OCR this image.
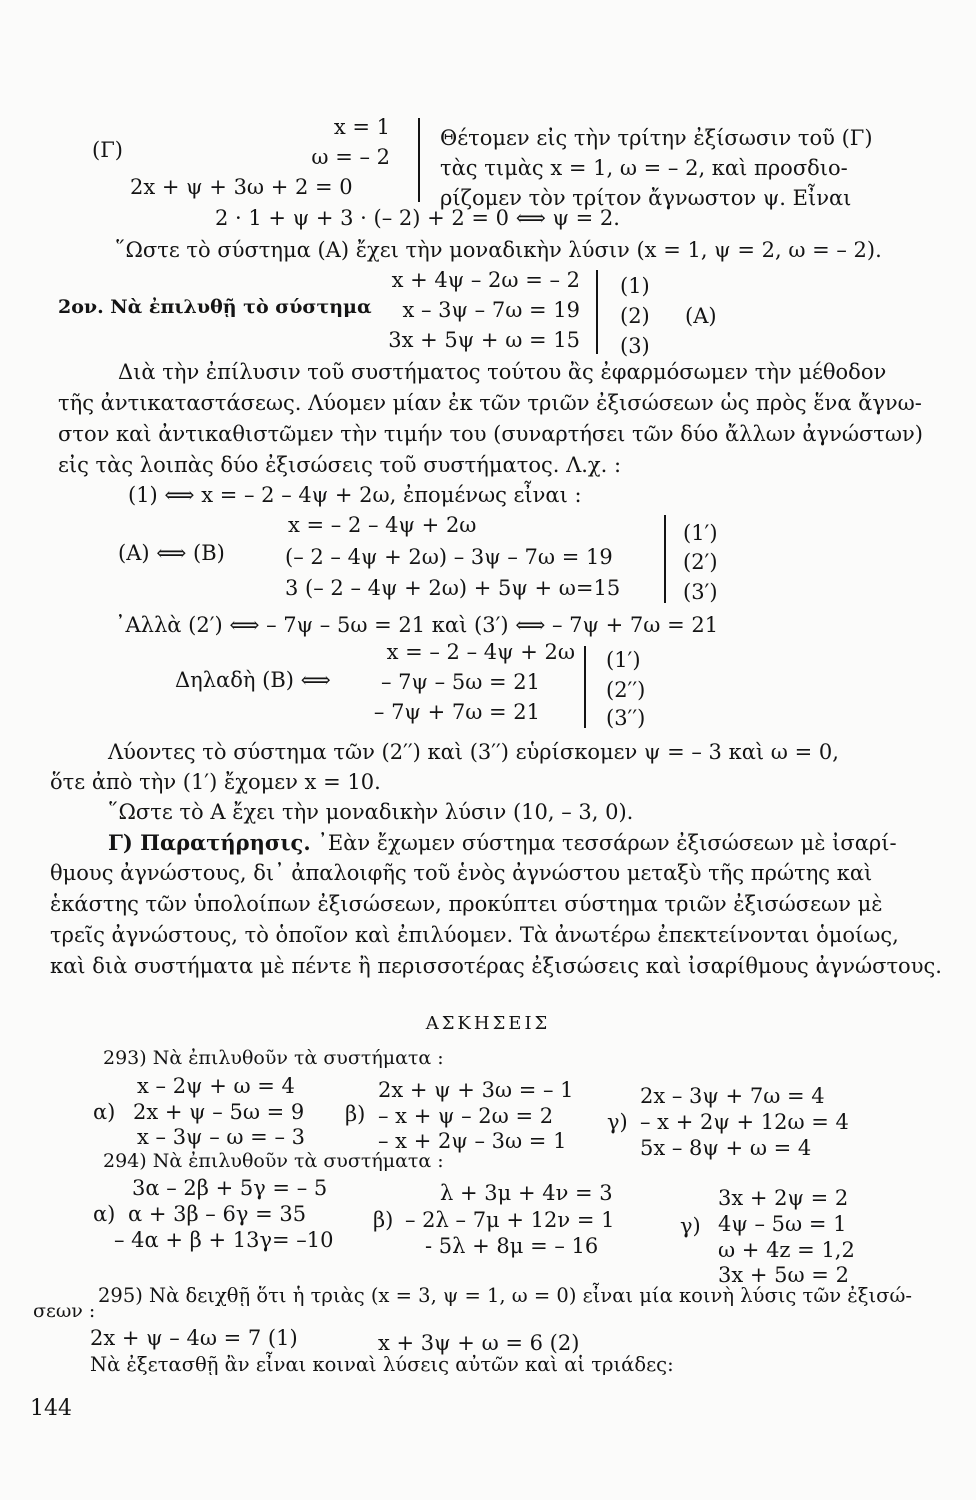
(Γ)
x = 1
ω = – 2
2x + ψ + 3ω + 2 = 0
Θέτομεν εἰς τὴν τρίτην ἐξίσωσιν τοῦ (Γ)
τὰς τιμὰς x = 1, ω = – 2, καὶ προσδιο-
ρίζομεν τὸν τρίτον ἄγνωστον ψ. Εἶναι
2 · 1 + ψ + 3 · (– 2) + 2 = 0 ⟺ ψ = 2.
῞Ωστε τὸ σύστημα (Α) ἔχει τὴν μοναδικὴν λύσιν (x = 1, ψ = 2, ω = – 2).
2ον. Νὰ ἐπιλυθῇ τὸ σύστημα
x + 4ψ – 2ω = – 2
x – 3ψ – 7ω = 19
3x + 5ψ + ω = 15
(1)
(2)
(3)
(Α)
Διὰ τὴν ἐπίλυσιν τοῦ συστήματος τούτου ἂς ἐφαρμόσωμεν τὴν μέθοδον
τῆς ἀντικαταστάσεως. Λύομεν μίαν ἐκ τῶν τριῶν ἐξισώσεων ὡς πρὸς ἕνα ἄγνω-
στον καὶ ἀντικαθιστῶμεν τὴν τιμήν του (συναρτήσει τῶν δύο ἄλλων ἀγνώστων)
εἰς τὰς λοιπὰς δύο ἐξισώσεις τοῦ συστήματος. Λ.χ. :
(1) ⟺ x = – 2 – 4ψ + 2ω, ἐπομένως εἶναι :
(Α) ⟺ (Β)
x = – 2 – 4ψ + 2ω
(– 2 – 4ψ + 2ω) – 3ψ – 7ω = 19
3 (– 2 – 4ψ + 2ω) + 5ψ + ω=15
(1′)
(2′)
(3′)
᾿Αλλὰ (2′) ⟺ – 7ψ – 5ω = 21 καὶ (3′) ⟺ – 7ψ + 7ω = 21
Δηλαδὴ (Β) ⟺
x = – 2 – 4ψ + 2ω
– 7ψ – 5ω = 21
– 7ψ + 7ω = 21
(1′)
(2′′)
(3′′)
Λύοντες τὸ σύστημα τῶν (2′′) καὶ (3′′) εὑρίσκομεν ψ = – 3 καὶ ω = 0,
ὅτε ἀπὸ τὴν (1′) ἔχομεν x = 10.
῞Ωστε τὸ Α ἔχει τὴν μοναδικὴν λύσιν (10, – 3, 0).
Γ) Παρατήρησις. ᾿Εὰν ἔχωμεν σύστημα τεσσάρων ἐξισώσεων μὲ ἰσαρί-
θμους ἀγνώστους, δι᾿ ἀπαλοιφῆς τοῦ ἑνὸς ἀγνώστου μεταξὺ τῆς πρώτης καὶ
ἑκάστης τῶν ὑπολοίπων ἐξισώσεων, προκύπτει σύστημα τριῶν ἐξισώσεων μὲ
τρεῖς ἀγνώστους, τὸ ὁποῖον καὶ ἐπιλύομεν. Τὰ ἀνωτέρω ἐπεκτείνονται ὁμοίως,
καὶ διὰ συστήματα μὲ πέντε ἢ περισσοτέρας ἐξισώσεις καὶ ἰσαρίθμους ἀγνώστους.
ΑΣΚΗΣΕΙΣ
293) Νὰ ἐπιλυθοῦν τὰ συστήματα :
α)
x – 2ψ + ω = 4
2x + ψ – 5ω = 9
x – 3ψ – ω = – 3
β)
2x + ψ + 3ω = – 1
– x + ψ – 2ω = 2
– x + 2ψ – 3ω = 1
γ)
2x – 3ψ + 7ω = 4
– x + 2ψ + 12ω = 4
5x – 8ψ + ω = 4
294) Νὰ ἐπιλυθοῦν τὰ συστήματα :
α)
3α – 2β + 5γ = – 5
α + 3β – 6γ = 35
– 4α + β + 13γ= –10
β)
λ + 3μ + 4ν = 3
– 2λ – 7μ + 12ν = 1
- 5λ + 8μ = – 16
γ)
3x + 2ψ = 2
4ψ – 5ω = 1
ω + 4z = 1,2
3x + 5ω = 2
295) Νὰ δειχθῇ ὅτι ἡ τριὰς (x = 3, ψ = 1, ω = 0) εἶναι μία κοινὴ λύσις τῶν ἐξισώ-
σεων :
2x + ψ – 4ω = 7 (1)	x + 3ψ + ω = 6 (2)
Νὰ ἐξετασθῇ ἂν εἶναι κοιναὶ λύσεις αὐτῶν καὶ αἱ τριάδες:
144
